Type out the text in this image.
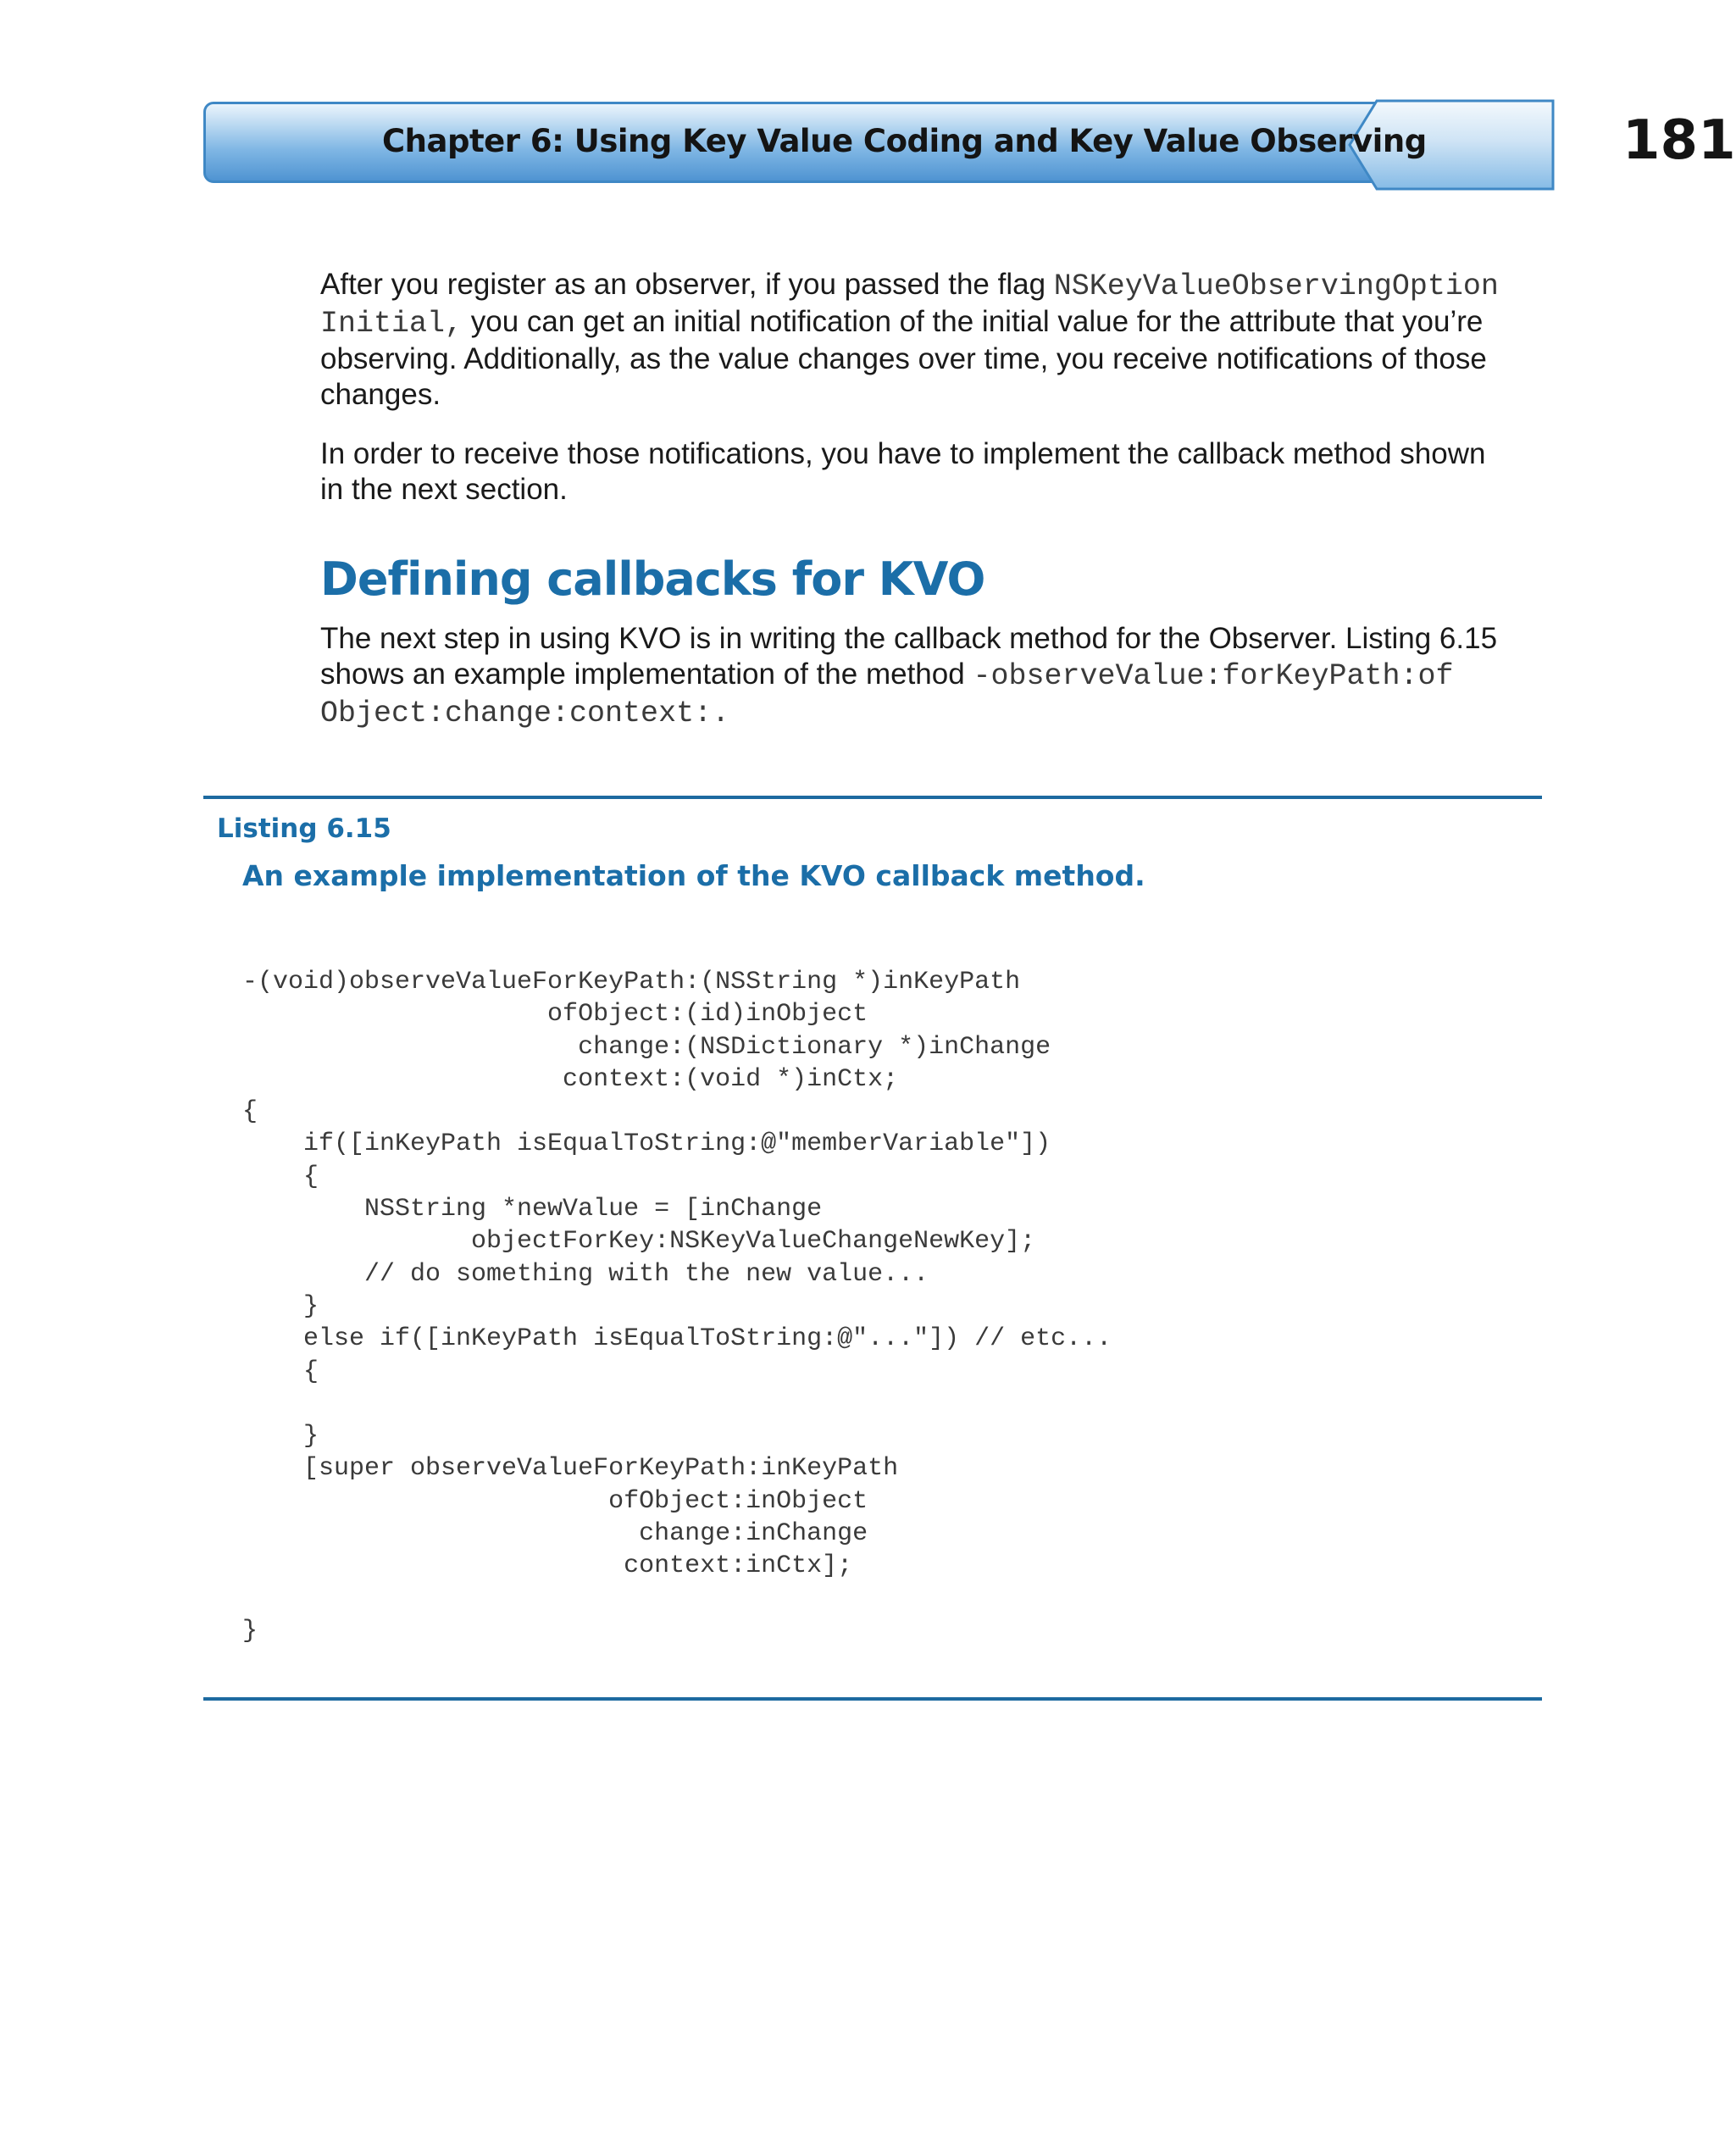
Chapter 6: Using Key Value Coding and Key Value Observing	181

After you register as an observer, if you passed the flag NSKeyValueObservingOption
Initial, you can get an initial notification of the initial value for the attribute that you’re observing. Additionally, as the value changes over time, you receive notifications of those changes.

In order to receive those notifications, you have to implement the callback method shown in the next section.

Defining callbacks for KVO

The next step in using KVO is in writing the callback method for the Observer. Listing 6.15 shows an example implementation of the method -observeValue:forKeyPath:of
Object:change:context:.

Listing 6.15
An example implementation of the KVO callback method.
-(void)observeValueForKeyPath:(NSString *)inKeyPath
ofObject:(id)inObject
change:(NSDictionary *)inChange
context:(void *)inCtx;
{
if([inKeyPath isEqualToString:@"memberVariable"])
{
NSString *newValue = [inChange
objectForKey:NSKeyValueChangeNewKey];
// do something with the new value...
}
else if([inKeyPath isEqualToString:@"..."]) // etc...
{

}
[super observeValueForKeyPath:inKeyPath
ofObject:inObject
change:inChange
context:inCtx];

}
